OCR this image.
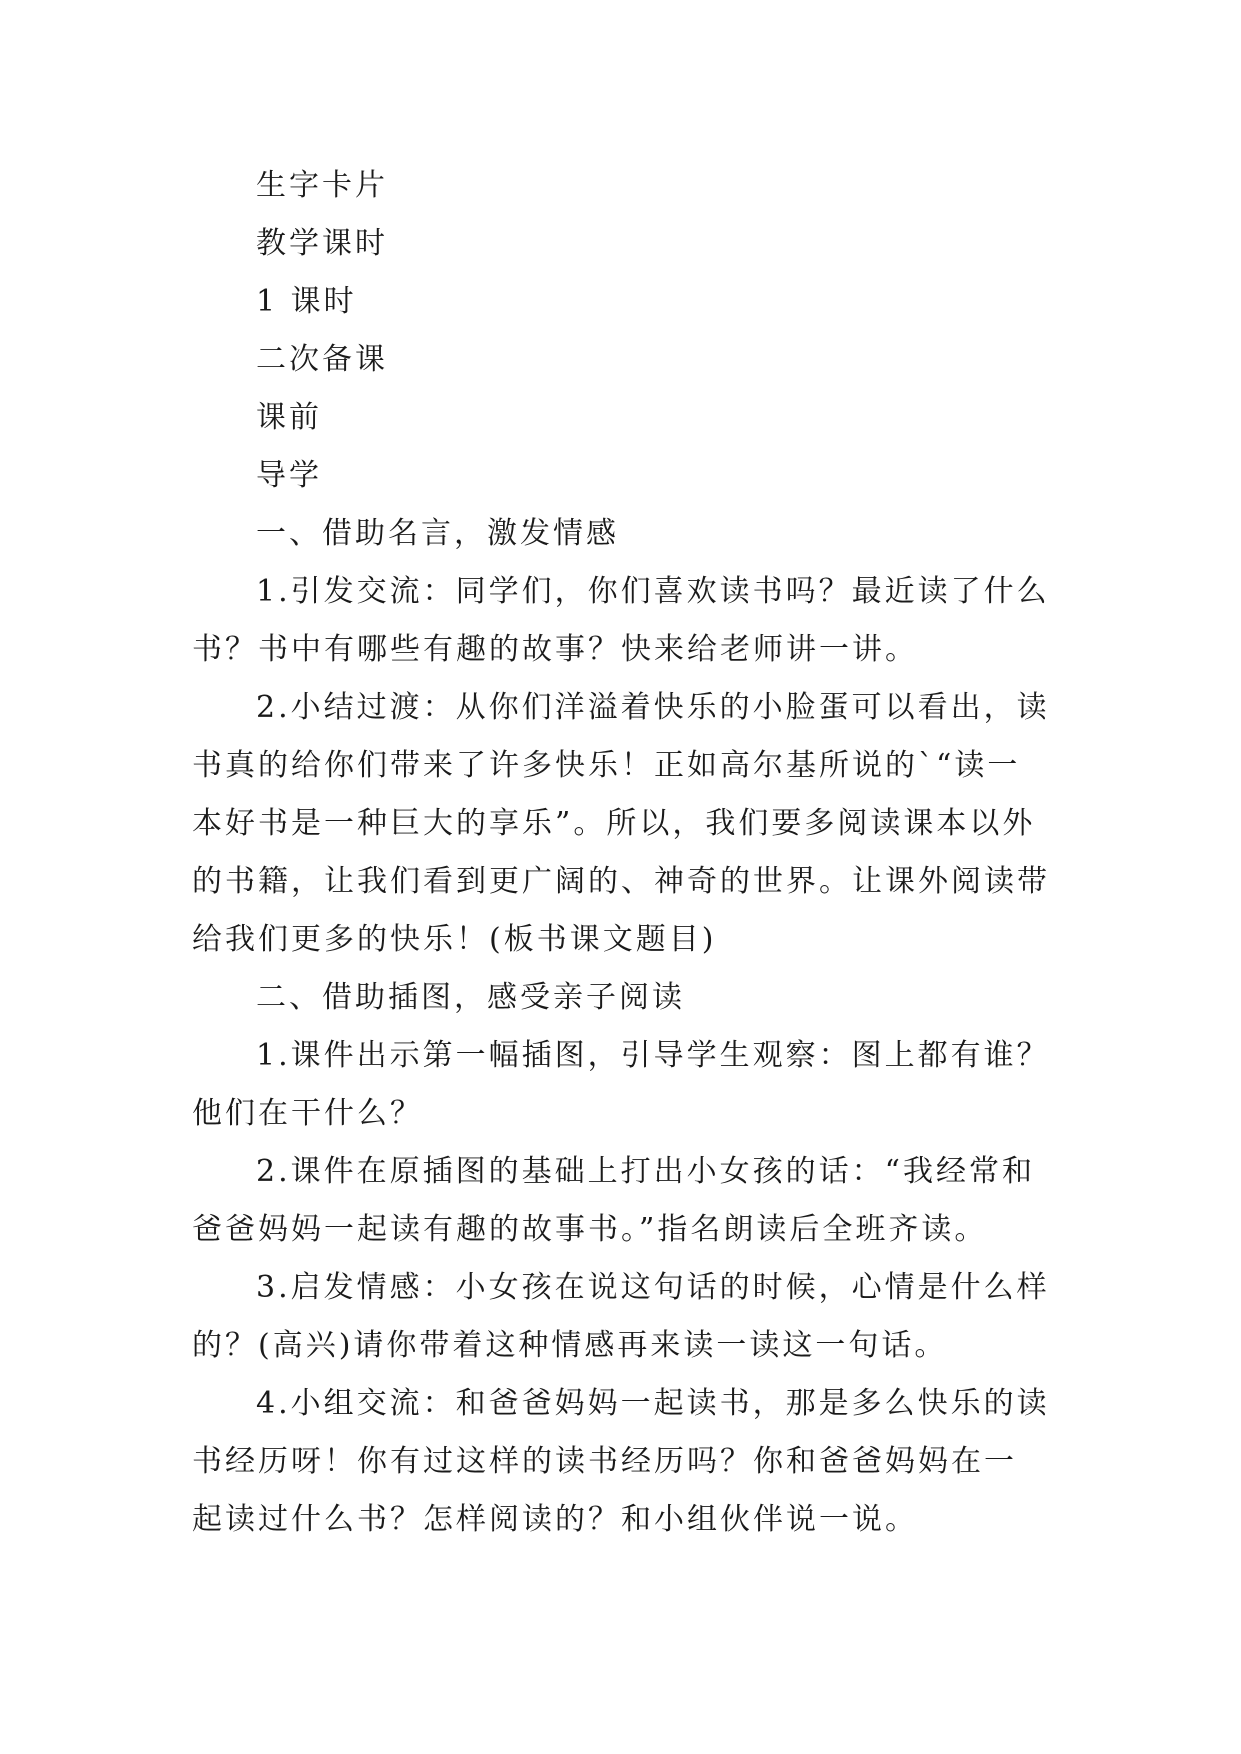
生字卡片
教学课时
1 课时
二次备课
课前
导学
一、借助名言，激发情感
1.引发交流：同学们，你们喜欢读书吗？最近读了什么
书？书中有哪些有趣的故事？快来给老师讲一讲。
2.小结过渡：从你们洋溢着快乐的小脸蛋可以看出，读
书真的给你们带来了许多快乐！正如高尔基所说的`“读一
本好书是一种巨大的享乐”。所以，我们要多阅读课本以外
的书籍，让我们看到更广阔的、神奇的世界。让课外阅读带
给我们更多的快乐！(板书课文题目)
二、借助插图，感受亲子阅读
1.课件出示第一幅插图，引导学生观察：图上都有谁？
他们在干什么？
2.课件在原插图的基础上打出小女孩的话：“我经常和
爸爸妈妈一起读有趣的故事书。”指名朗读后全班齐读。
3.启发情感：小女孩在说这句话的时候，心情是什么样
的？(高兴)请你带着这种情感再来读一读这一句话。
4.小组交流：和爸爸妈妈一起读书，那是多么快乐的读
书经历呀！你有过这样的读书经历吗？你和爸爸妈妈在一
起读过什么书？怎样阅读的？和小组伙伴说一说。
